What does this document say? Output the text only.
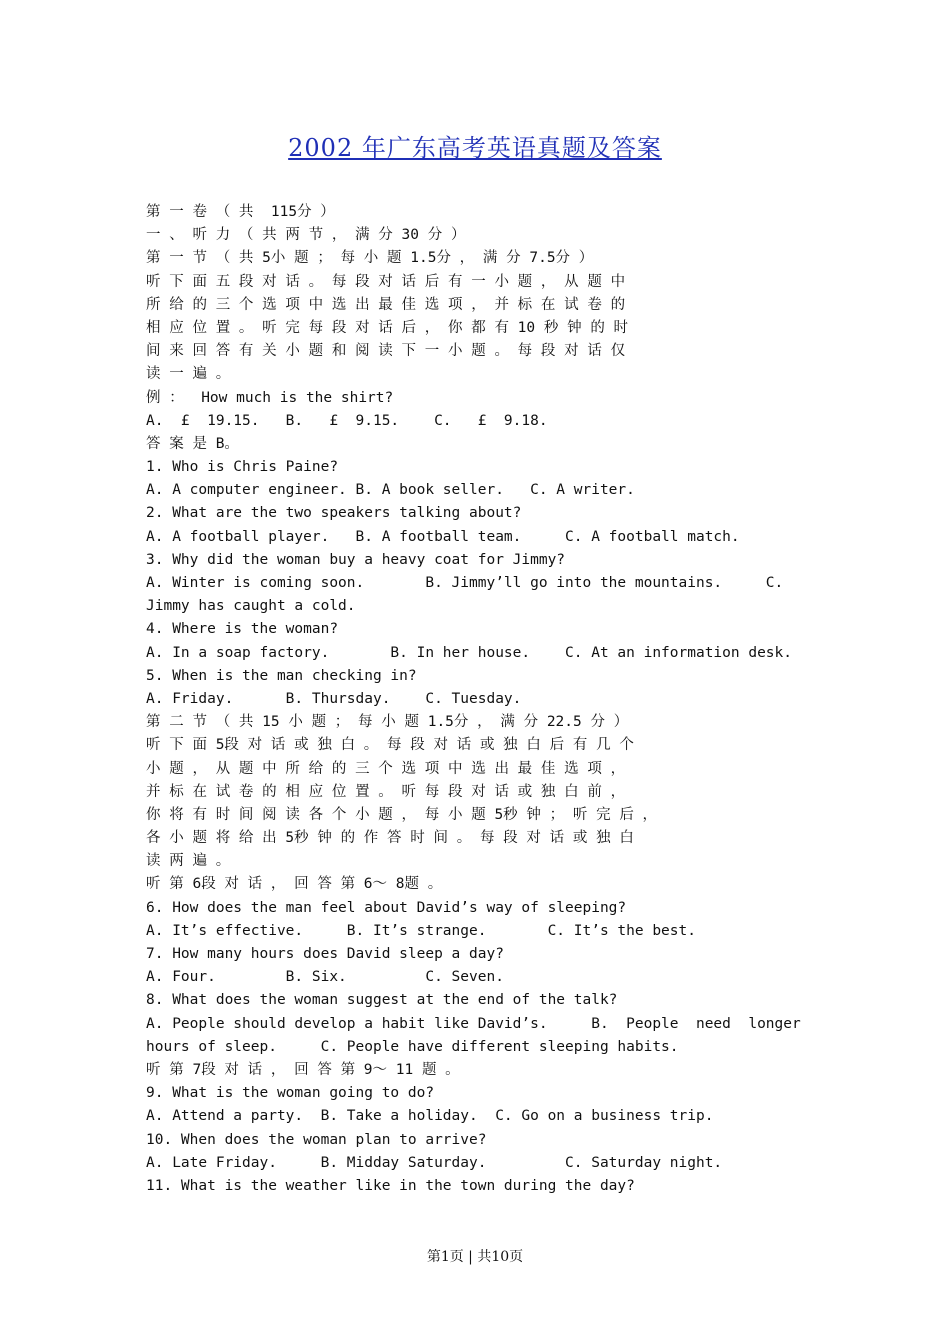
2002 年广东高考英语真题及答案
第 一 卷 （ 共  115分 ）
一 、 听 力 （ 共 两 节 ， 满 分 30 分 ）
第 一 节 （ 共 5小 题 ； 每 小 题 1.5分 ， 满 分 7.5分 ）
听 下 面 五 段 对 话 。 每 段 对 话 后 有 一 小 题 ， 从 题 中
所 给 的 三 个 选 项 中 选 出 最 佳 选 项 ， 并 标 在 试 卷 的
相 应 位 置 。 听 完 每 段 对 话 后 ， 你 都 有 10 秒 钟 的 时
间 来 回 答 有 关 小 题 和 阅 读 下 一 小 题 。 每 段 对 话 仅
读 一 遍 。
例 ：  How much is the shirt?
A.  £  19.15.   B.   £  9.15.    C.   £  9.18.
答 案 是 B。
1. Who is Chris Paine?
A. A computer engineer. B. A book seller.   C. A writer.
2. What are the two speakers talking about?
A. A football player.   B. A football team.     C. A football match.
3. Why did the woman buy a heavy coat for Jimmy?
A. Winter is coming soon.       B. Jimmy’ll go into the mountains.     C.
Jimmy has caught a cold.
4. Where is the woman?
A. In a soap factory.       B. In her house.    C. At an information desk.
5. When is the man checking in?
A. Friday.      B. Thursday.    C. Tuesday.
第 二 节 （ 共 15 小 题 ； 每 小 题 1.5分 ， 满 分 22.5 分 ）
听 下 面 5段 对 话 或 独 白 。 每 段 对 话 或 独 白 后 有 几 个
小 题 ， 从 题 中 所 给 的 三 个 选 项 中 选 出 最 佳 选 项 ，
并 标 在 试 卷 的 相 应 位 置 。 听 每 段 对 话 或 独 白 前 ，
你 将 有 时 间 阅 读 各 个 小 题 ， 每 小 题 5秒 钟 ； 听 完 后 ，
各 小 题 将 给 出 5秒 钟 的 作 答 时 间 。 每 段 对 话 或 独 白
读 两 遍 。
听 第 6段 对 话 ， 回 答 第 6～ 8题 。
6. How does the man feel about David’s way of sleeping?
A. It’s effective.     B. It’s strange.       C. It’s the best.
7. How many hours does David sleep a day?
A. Four.        B. Six.         C. Seven.
8. What does the woman suggest at the end of the talk?
A. People should develop a habit like David’s.     B.  People  need  longer
hours of sleep.     C. People have different sleeping habits.
听 第 7段 对 话 ， 回 答 第 9～ 11 题 。
9. What is the woman going to do?
A. Attend a party.  B. Take a holiday.  C. Go on a business trip.
10. When does the woman plan to arrive?
A. Late Friday.     B. Midday Saturday.         C. Saturday night.
11. What is the weather like in the town during the day?
第1页 | 共10页
